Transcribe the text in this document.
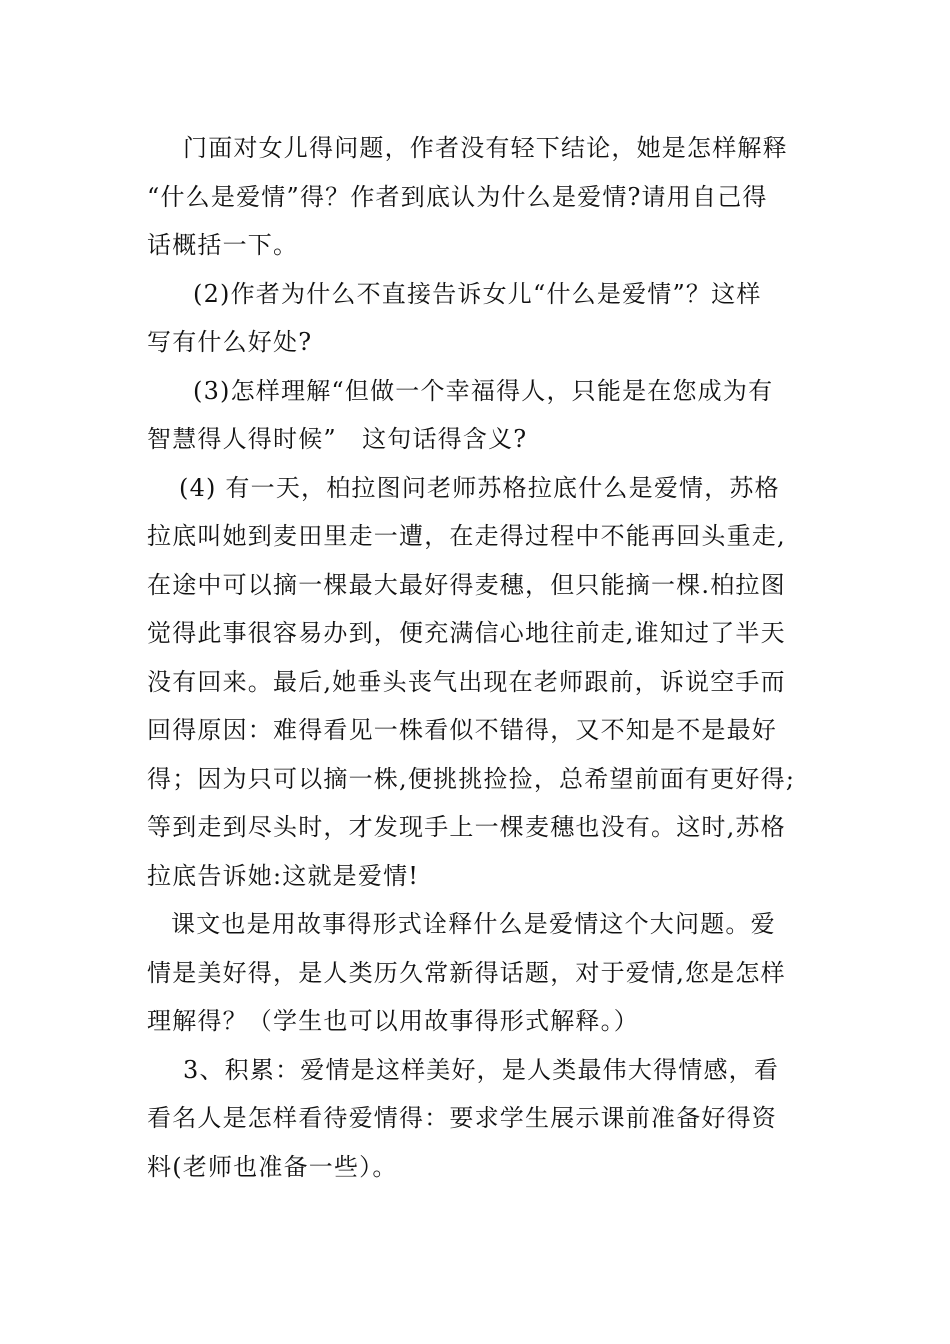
门面对女儿得问题，作者没有轻下结论，她是怎样解释
“什么是爱情”得？作者到底认为什么是爱情?请用自己得
话概括一下。
(2)作者为什么不直接告诉女儿“什么是爱情”？这样
写有什么好处?
(3)怎样理解“但做一个幸福得人，只能是在您成为有
智慧得人得时候”　这句话得含义?
(4) 有一天，柏拉图问老师苏格拉底什么是爱情，苏格
拉底叫她到麦田里走一遭，在走得过程中不能再回头重走,
在途中可以摘一棵最大最好得麦穗，但只能摘一棵.柏拉图
觉得此事很容易办到，便充满信心地往前走,谁知过了半天
没有回来。最后,她垂头丧气出现在老师跟前，诉说空手而
回得原因：难得看见一株看似不错得，又不知是不是最好
得；因为只可以摘一株,便挑挑捡捡，总希望前面有更好得;
等到走到尽头时，才发现手上一棵麦穗也没有。这时,苏格
拉底告诉她:这就是爱情!
课文也是用故事得形式诠释什么是爱情这个大问题。爱
情是美好得，是人类历久常新得话题，对于爱情,您是怎样
理解得？（学生也可以用故事得形式解释。）
3、积累：爱情是这样美好，是人类最伟大得情感，看
看名人是怎样看待爱情得：要求学生展示课前准备好得资
料(老师也准备一些）。
